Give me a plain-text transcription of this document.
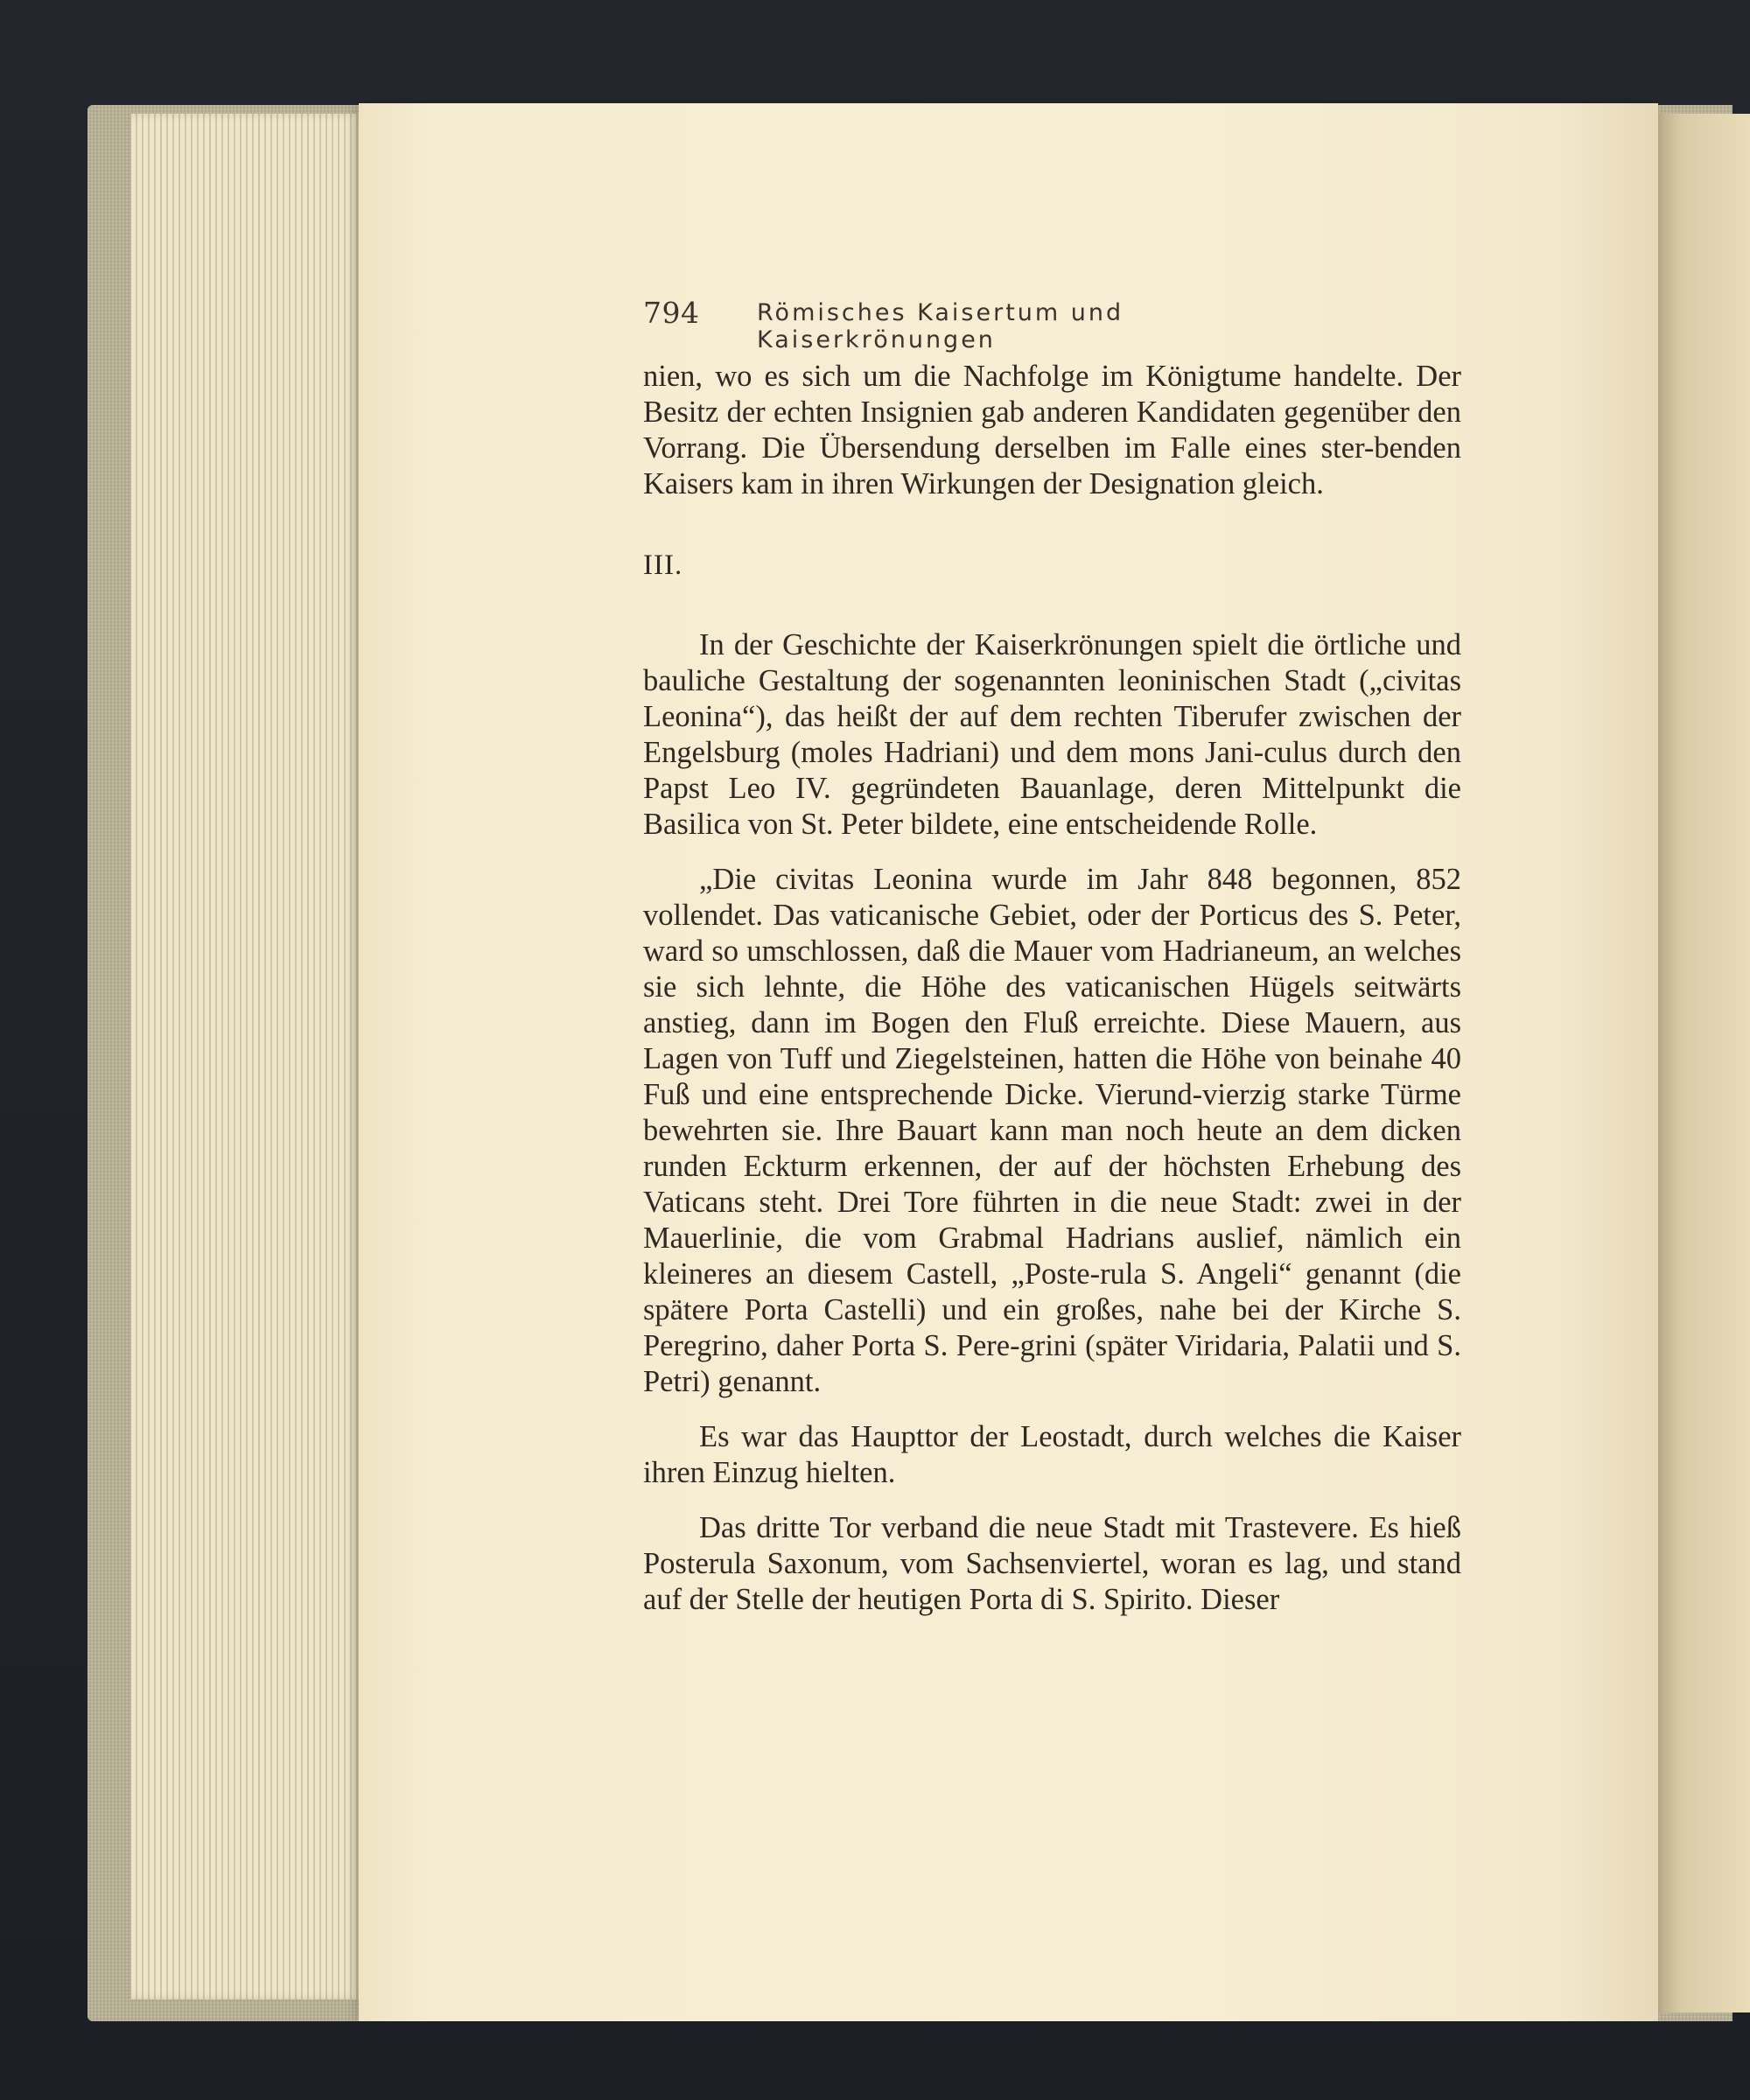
794 Römisches Kaisertum und Kaiserkrönungen

nien, wo es sich um die Nachfolge im Königtume handelte. Der Besitz der echten Insignien gab anderen Kandidaten gegenüber den Vorrang. Die Übersendung derselben im Falle eines ster-benden Kaisers kam in ihren Wirkungen der Designation gleich.

III.

In der Geschichte der Kaiserkrönungen spielt die örtliche und bauliche Gestaltung der sogenannten leoninischen Stadt („civitas Leonina“), das heißt der auf dem rechten Tiberufer zwischen der Engelsburg (moles Hadriani) und dem mons Jani-culus durch den Papst Leo IV. gegründeten Bauanlage, deren Mittelpunkt die Basilica von St. Peter bildete, eine entscheidende Rolle.

„Die civitas Leonina wurde im Jahr 848 begonnen, 852 vollendet. Das vaticanische Gebiet, oder der Porticus des S. Peter, ward so umschlossen, daß die Mauer vom Hadrianeum, an welches sie sich lehnte, die Höhe des vaticanischen Hügels seitwärts anstieg, dann im Bogen den Fluß erreichte. Diese Mauern, aus Lagen von Tuff und Ziegelsteinen, hatten die Höhe von beinahe 40 Fuß und eine entsprechende Dicke. Vierund-vierzig starke Türme bewehrten sie. Ihre Bauart kann man noch heute an dem dicken runden Eckturm erkennen, der auf der höchsten Erhebung des Vaticans steht. Drei Tore führten in die neue Stadt: zwei in der Mauerlinie, die vom Grabmal Hadrians auslief, nämlich ein kleineres an diesem Castell, „Poste-rula S. Angeli“ genannt (die spätere Porta Castelli) und ein großes, nahe bei der Kirche S. Peregrino, daher Porta S. Pere-grini (später Viridaria, Palatii und S. Petri) genannt.

Es war das Haupttor der Leostadt, durch welches die Kaiser ihren Einzug hielten.

Das dritte Tor verband die neue Stadt mit Trastevere. Es hieß Posterula Saxonum, vom Sachsenviertel, woran es lag, und stand auf der Stelle der heutigen Porta di S. Spirito. Dieser
